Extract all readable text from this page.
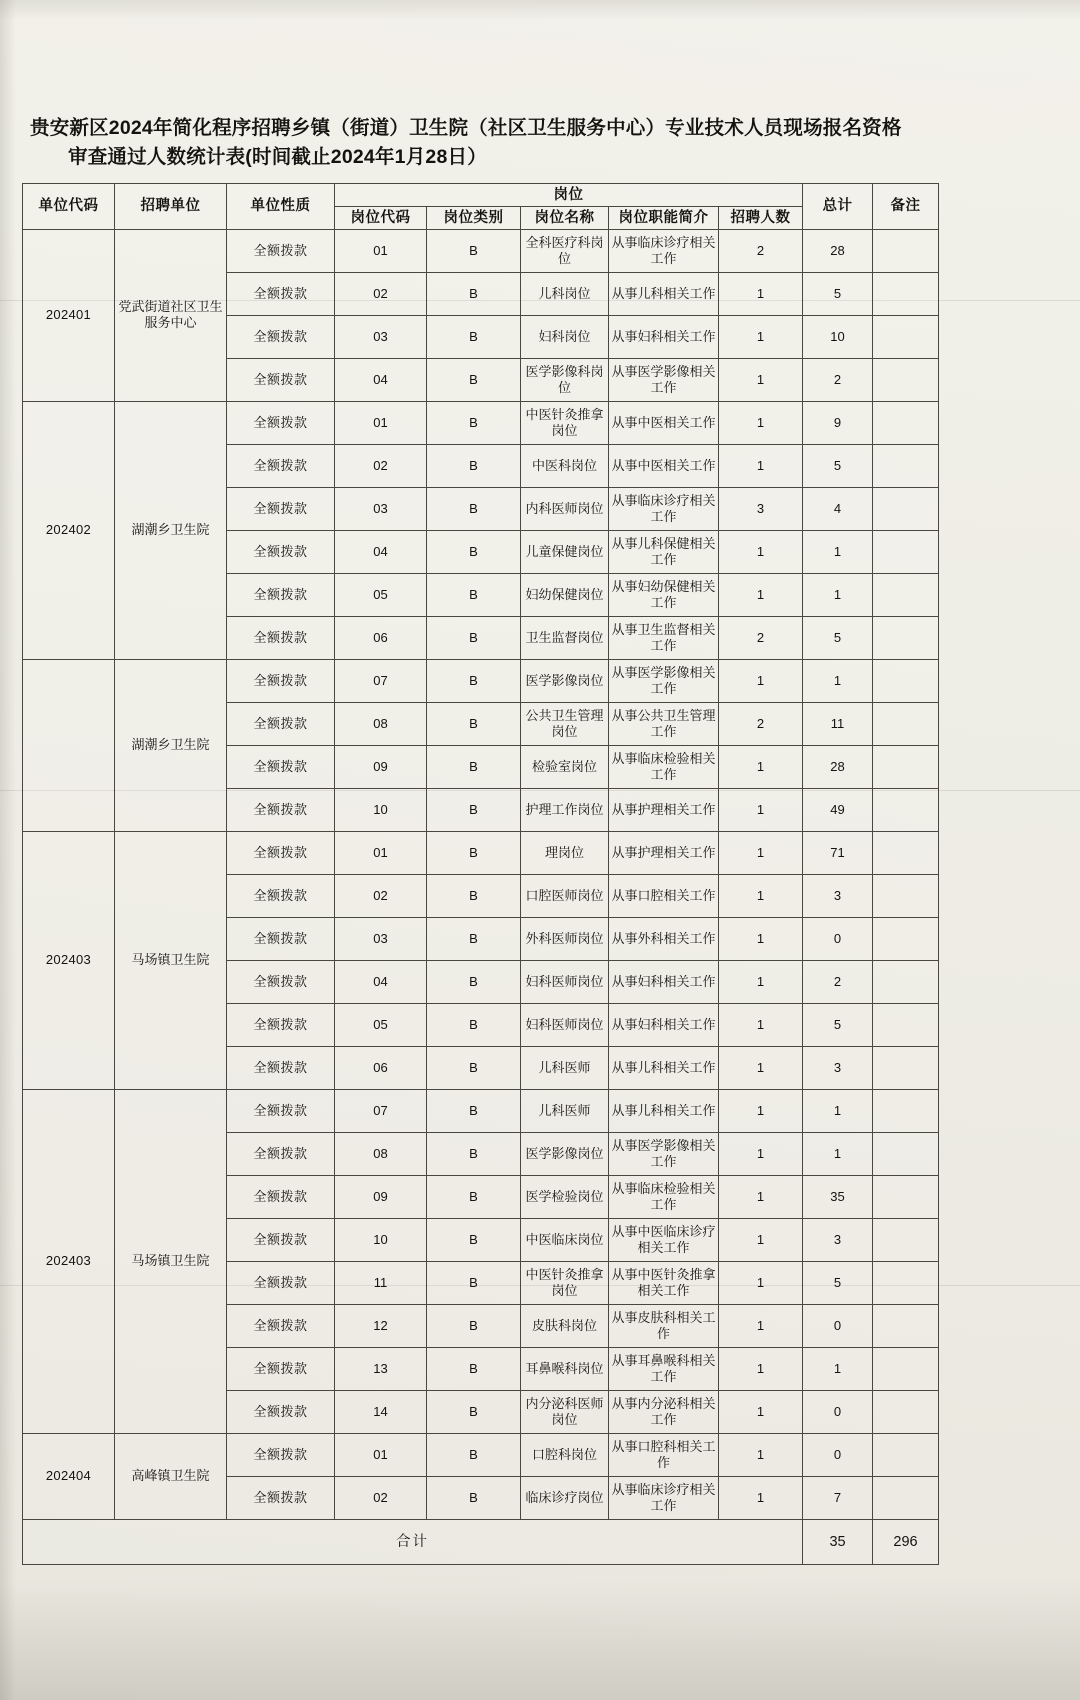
贵安新区2024年简化程序招聘乡镇（街道）卫生院（社区卫生服务中心）专业技术人员现场报名资格
审查通过人数统计表(时间截止2024年1月28日）
单位代码	招聘单位	单位性质	岗位					总计	备注
			岗位代码	岗位类别	岗位名称	岗位职能简介	招聘人数		
202401	党武街道社区卫生服务中心	全额拨款	01	B	全科医疗科岗位	从事临床诊疗相关工作	2	28	
		全额拨款	02	B	儿科岗位	从事儿科相关工作	1	5	
		全额拨款	03	B	妇科岗位	从事妇科相关工作	1	10	
		全额拨款	04	B	医学影像科岗位	从事医学影像相关工作	1	2	
202402	湖潮乡卫生院	全额拨款	01	B	中医针灸推拿岗位	从事中医相关工作	1	9	
		全额拨款	02	B	中医科岗位	从事中医相关工作	1	5	
		全额拨款	03	B	内科医师岗位	从事临床诊疗相关工作	3	4	
		全额拨款	04	B	儿童保健岗位	从事儿科保健相关工作	1	1	
		全额拨款	05	B	妇幼保健岗位	从事妇幼保健相关工作	1	1	
		全额拨款	06	B	卫生监督岗位	从事卫生监督相关工作	2	5	
	湖潮乡卫生院	全额拨款	07	B	医学影像岗位	从事医学影像相关工作	1	1	
		全额拨款	08	B	公共卫生管理岗位	从事公共卫生管理工作	2	11	
		全额拨款	09	B	检验室岗位	从事临床检验相关工作	1	28	
		全额拨款	10	B	护理工作岗位	从事护理相关工作	1	49	
202403	马场镇卫生院	全额拨款	01	B	理岗位	从事护理相关工作	1	71	
		全额拨款	02	B	口腔医师岗位	从事口腔相关工作	1	3	
		全额拨款	03	B	外科医师岗位	从事外科相关工作	1	0	
		全额拨款	04	B	妇科医师岗位	从事妇科相关工作	1	2	
		全额拨款	05	B	妇科医师岗位	从事妇科相关工作	1	5	
		全额拨款	06	B	儿科医师	从事儿科相关工作	1	3	
202403	马场镇卫生院	全额拨款	07	B	儿科医师	从事儿科相关工作	1	1	
		全额拨款	08	B	医学影像岗位	从事医学影像相关工作	1	1	
		全额拨款	09	B	医学检验岗位	从事临床检验相关工作	1	35	
		全额拨款	10	B	中医临床岗位	从事中医临床诊疗相关工作	1	3	
		全额拨款	11	B	中医针灸推拿岗位	从事中医针灸推拿相关工作	1	5	
		全额拨款	12	B	皮肤科岗位	从事皮肤科相关工作	1	0	
		全额拨款	13	B	耳鼻喉科岗位	从事耳鼻喉科相关工作	1	1	
		全额拨款	14	B	内分泌科医师岗位	从事内分泌科相关工作	1	0	
202404	高峰镇卫生院	全额拨款	01	B	口腔科岗位	从事口腔科相关工作	1	0	
		全额拨款	02	B	临床诊疗岗位	从事临床诊疗相关工作	1	7	
合计								35	296
